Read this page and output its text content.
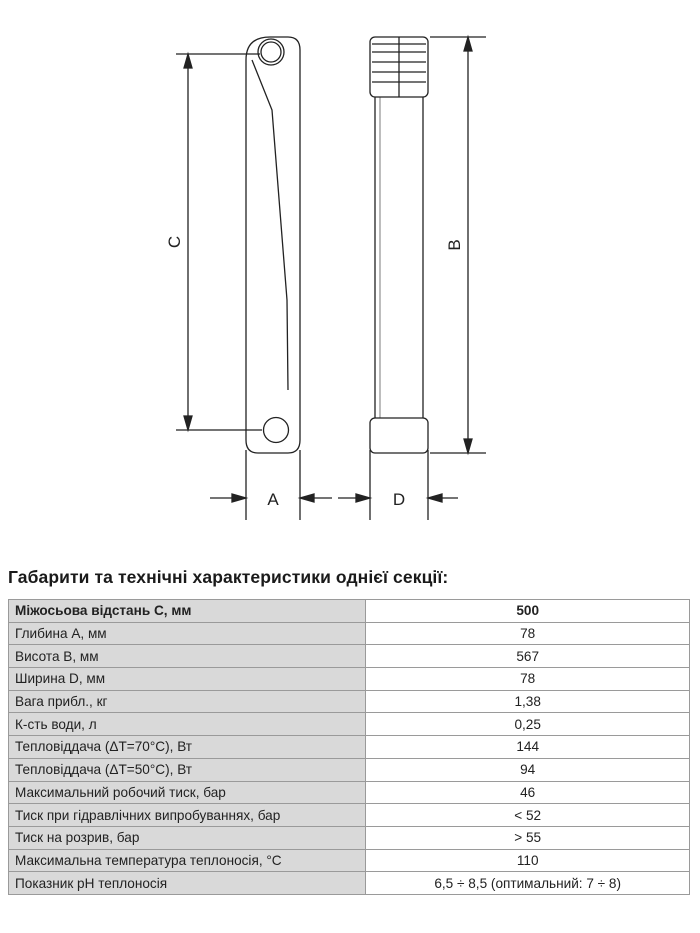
C	B
A	D
Габарити та технічні характеристики однієї секції:
Міжосьова відстань С, мм	500	
Глибина А, мм	78	
Висота В, мм	567	
Ширина D, мм	78	
Вага прибл., кг	1,38	
К-сть води, л	0,25	
Тепловіддача (ΔT=70°C), Вт	144	
Тепловіддача (ΔT=50°C), Вт	94	
Максимальний робочий тиск, бар	46	
Тиск при гідравлічних випробуваннях, бар	< 52	
Тиск на розрив, бар	> 55	
Максимальна температура теплоносія, °C	110	
Показник pH теплоносія	6,5 ÷ 8,5 (оптимальний: 7 ÷ 8)	
